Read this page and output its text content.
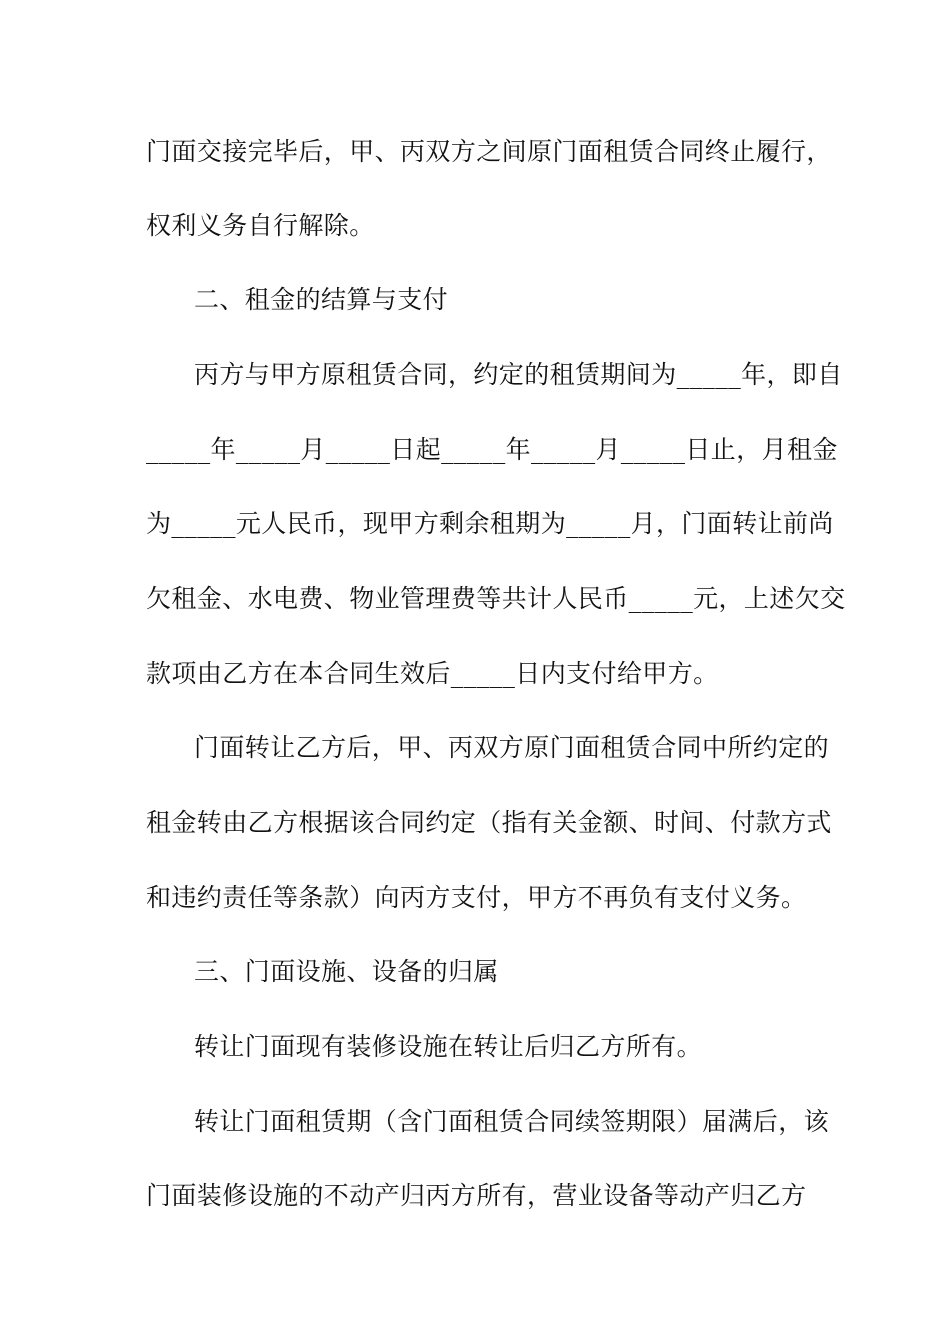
门面交接完毕后，甲、丙双方之间原门面租赁合同终止履行，
权利义务自行解除。
二、租金的结算与支付
丙方与甲方原租赁合同，约定的租赁期间为_____年，即自
_____年_____月_____日起_____年_____月_____日止，月租金
为_____元人民币，现甲方剩余租期为_____月，门面转让前尚
欠租金、水电费、物业管理费等共计人民币_____元，上述欠交
款项由乙方在本合同生效后_____日内支付给甲方。
门面转让乙方后，甲、丙双方原门面租赁合同中所约定的
租金转由乙方根据该合同约定（指有关金额、时间、付款方式
和违约责任等条款）向丙方支付，甲方不再负有支付义务。
三、门面设施、设备的归属
转让门面现有装修设施在转让后归乙方所有。
转让门面租赁期（含门面租赁合同续签期限）届满后，该
门面装修设施的不动产归丙方所有，营业设备等动产归乙方
